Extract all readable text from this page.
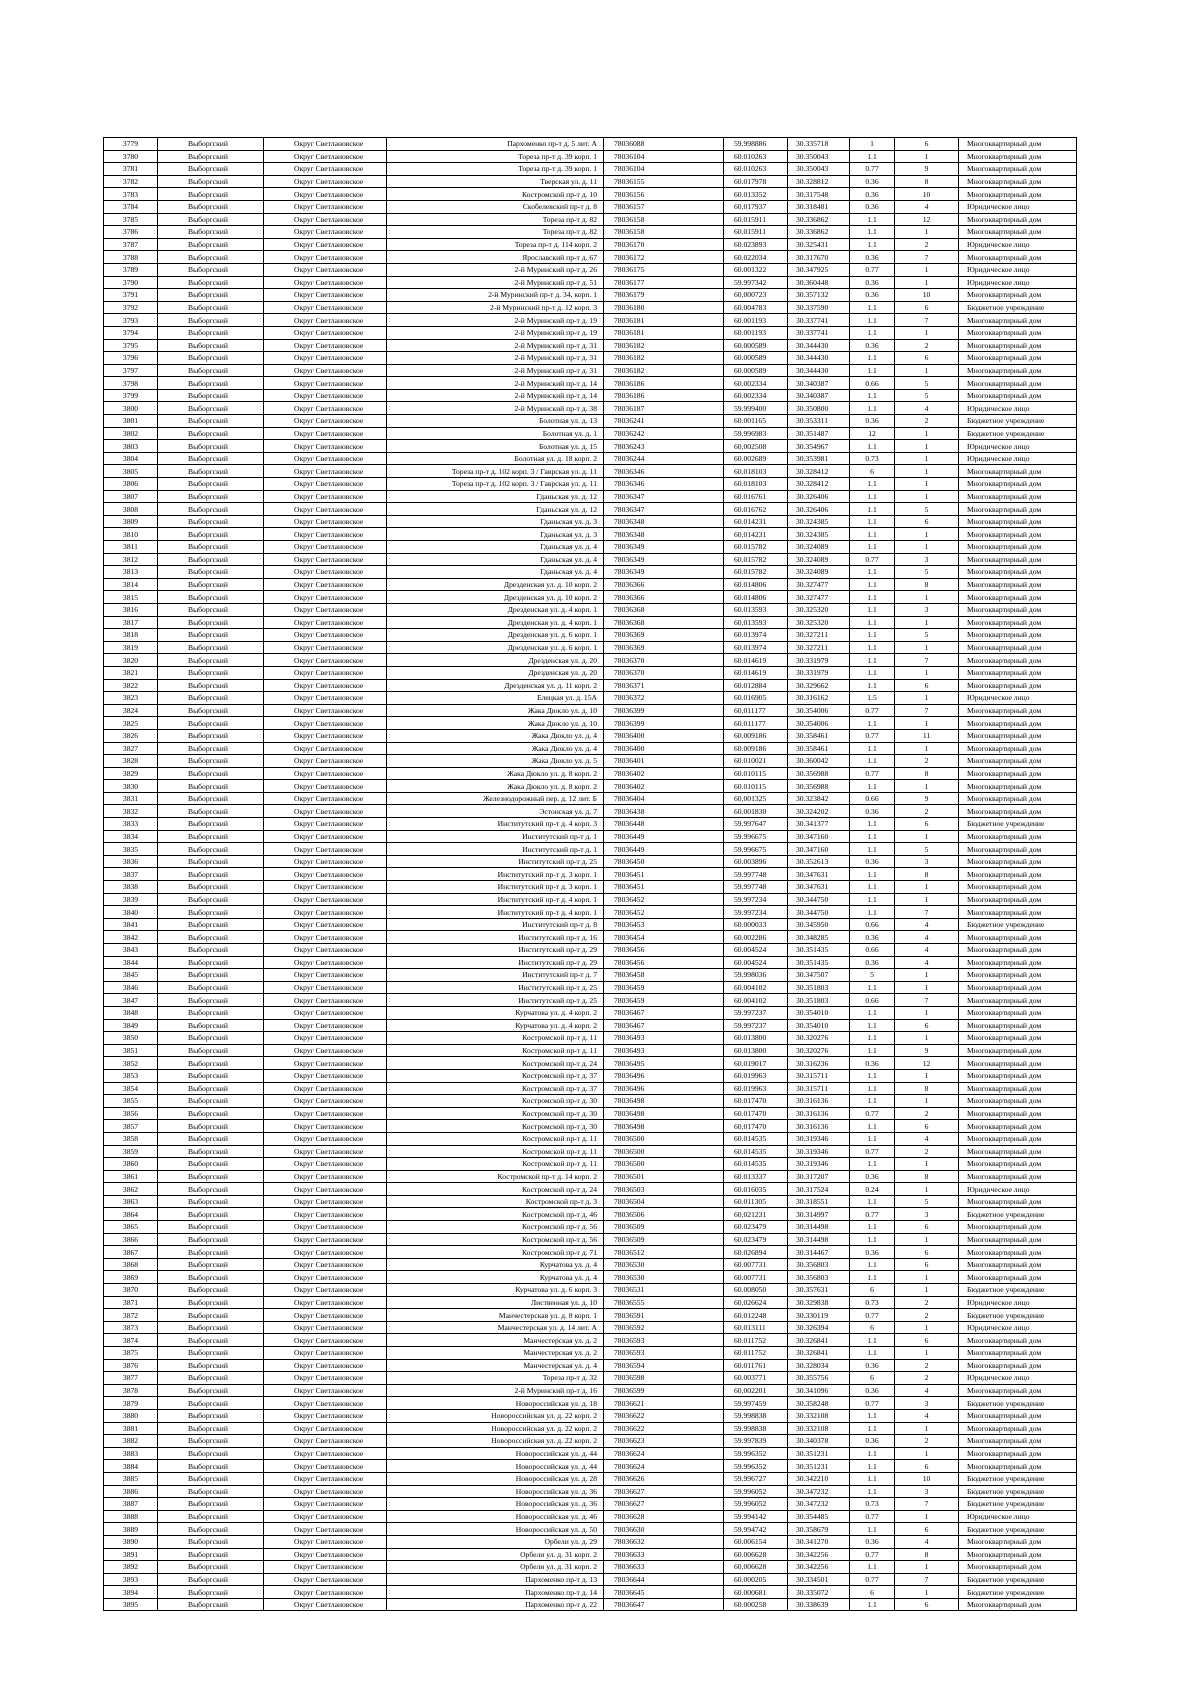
3779	Выборгский	Округ Светлановское	Пархоменко пр-т д. 5 лит. А	78036088	59.998886	30.335718	1	6	Многоквартирный дом
3780	Выборгский	Округ Светлановское	Тореза пр-т д. 39 корп. 1	78036104	60.010263	30.350043	1.1	1	Многоквартирный дом
3781	Выборгский	Округ Светлановское	Тореза пр-т д. 39 корп. 1	78036104	60.010263	30.350043	0.77	9	Многоквартирный дом
3782	Выборгский	Округ Светлановское	Тверская ул. д. 11	78036155	60.017978	30.328812	0.36	8	Многоквартирный дом
3783	Выборгский	Округ Светлановское	Костромской пр-т д. 10	78036156	60.013352	30.317548	0.36	10	Многоквартирный дом
3784	Выборгский	Округ Светлановское	Скобелевский пр-т д. 8	78036157	60.017937	30.318481	0.36	4	Юридическое лицо
3785	Выборгский	Округ Светлановское	Тореза пр-т д. 82	78036158	60.015911	30.336862	1.1	12	Многоквартирный дом
3786	Выборгский	Округ Светлановское	Тореза пр-т д. 82	78036158	60.015911	30.336862	1.1	1	Многоквартирный дом
3787	Выборгский	Округ Светлановское	Тореза пр-т д. 114 корп. 2	78036170	60.023893	30.325431	1.1	2	Юридическое лицо
3788	Выборгский	Округ Светлановское	Ярославский пр-т д. 67	78036172	60.022034	30.317670	0.36	7	Многоквартирный дом
3789	Выборгский	Округ Светлановское	2-й Муринский пр-т д. 26	78036175	60.001322	30.347925	0.77	1	Юридическое лицо
3790	Выборгский	Округ Светлановское	2-й Муринский пр-т д. 51	78036177	59.997342	30.360448	0.36	1	Юридическое лицо
3791	Выборгский	Округ Светлановское	2-й Муринский пр-т д. 34, корп. 1	78036179	60.000723	30.357132	0.36	10	Многоквартирный дом
3792	Выборгский	Округ Светлановское	2-й Муринский пр-т д. 12 корп. 3	78036180	60.004783	30.337590	1.1	6	Бюджетное учреждение
3793	Выборгский	Округ Светлановское	2-й Муринский пр-т д. 19	78036181	60.001193	30.337741	1.1	7	Многоквартирный дом
3794	Выборгский	Округ Светлановское	2-й Муринский пр-т д. 19	78036181	60.001193	30.337741	1.1	1	Многоквартирный дом
3795	Выборгский	Округ Светлановское	2-й Муринский пр-т д. 31	78036182	60.000589	30.344430	0.36	2	Многоквартирный дом
3796	Выборгский	Округ Светлановское	2-й Муринский пр-т д. 31	78036182	60.000589	30.344430	1.1	6	Многоквартирный дом
3797	Выборгский	Округ Светлановское	2-й Муринский пр-т д. 31	78036182	60.000589	30.344430	1.1	1	Многоквартирный дом
3798	Выборгский	Округ Светлановское	2-й Муринский пр-т д. 14	78036186	60.002334	30.340387	0.66	5	Многоквартирный дом
3799	Выборгский	Округ Светлановское	2-й Муринский пр-т д. 14	78036186	60.002334	30.340387	1.1	5	Многоквартирный дом
3800	Выборгский	Округ Светлановское	2-й Муринский пр-т д. 38	78036187	59.999400	30.350800	1.1	4	Юридическое лицо
3801	Выборгский	Округ Светлановское	Болотная ул. д. 13	78036241	60.001165	30.353311	0.36	2	Бюджетное учреждение
3802	Выборгский	Округ Светлановское	Болотная ул. д. 1	78036242	59.996983	30.351487	12	1	Бюджетное учреждение
3803	Выборгский	Округ Светлановское	Болотная ул. д. 15	78036243	60.002508	30.354967	1.1	1	Юридическое лицо
3804	Выборгский	Округ Светлановское	Болотная ул. д. 18 корп. 2	78036244	60.002689	30.353981	0.73	1	Юридическое лицо
3805	Выборгский	Округ Светлановское	Тореза пр-т д. 102 корп. 3 / Гаврская ул. д. 11	78036346	60.018103	30.328412	6	1	Многоквартирный дом
3806	Выборгский	Округ Светлановское	Тореза пр-т д. 102 корп. 3 / Гаврская ул. д. 11	78036346	60.018103	30.328412	1.1	1	Многоквартирный дом
3807	Выборгский	Округ Светлановское	Гданьская ул. д. 12	78036347	60.016761	30.326406	1.1	1	Многоквартирный дом
3808	Выборгский	Округ Светлановское	Гданьская ул. д. 12	78036347	60.016762	30.326406	1.1	5	Многоквартирный дом
3809	Выборгский	Округ Светлановское	Гданьская ул. д. 3	78036348	60.014231	30.324385	1.1	6	Многоквартирный дом
3810	Выборгский	Округ Светлановское	Гданьская ул. д. 3	78036348	60.014231	30.324385	1.1	1	Многоквартирный дом
3811	Выборгский	Округ Светлановское	Гданьская ул. д. 4	78036349	60.015782	30.324089	1.1	1	Многоквартирный дом
3812	Выборгский	Округ Светлановское	Гданьская ул. д. 4	78036349	60.015782	30.324089	0.77	3	Многоквартирный дом
3813	Выборгский	Округ Светлановское	Гданьская ул. д. 4	78036349	60.015782	30.324089	1.1	5	Многоквартирный дом
3814	Выборгский	Округ Светлановское	Дрезденская ул. д. 10 корп. 2	78036366	60.014806	30.327477	1.1	8	Многоквартирный дом
3815	Выборгский	Округ Светлановское	Дрезденская ул. д. 10 корп. 2	78036366	60.014806	30.327477	1.1	1	Многоквартирный дом
3816	Выборгский	Округ Светлановское	Дрезденская ул. д. 4 корп. 1	78036368	60.013593	30.325320	1.1	3	Многоквартирный дом
3817	Выборгский	Округ Светлановское	Дрезденская ул. д. 4 корп. 1	78036368	60.013593	30.325320	1.1	1	Многоквартирный дом
3818	Выборгский	Округ Светлановское	Дрезденская ул. д. 6 корп. 1	78036369	60.013974	30.327211	1.1	5	Многоквартирный дом
3819	Выборгский	Округ Светлановское	Дрезденская ул. д. 6 корп. 1	78036369	60.013974	30.327211	1.1	1	Многоквартирный дом
3820	Выборгский	Округ Светлановское	Дрезденская ул. д. 20	78036370	60.014619	30.331979	1.1	7	Многоквартирный дом
3821	Выборгский	Округ Светлановское	Дрезденская ул. д. 20	78036370	60.014619	30.331979	1.1	1	Многоквартирный дом
3822	Выборгский	Округ Светлановское	Дрезденская ул. д. 11 корп. 2	78036371	60.012884	30.329662	1.1	6	Многоквартирный дом
3823	Выборгский	Округ Светлановское	Елецкая ул. д. 15А	78036372	60.016905	30.316162	1.5	1	Юридическое лицо
3824	Выборгский	Округ Светлановское	Жака Дюкло ул. д. 10	78036399	60.011177	30.354006	0.77	7	Многоквартирный дом
3825	Выборгский	Округ Светлановское	Жака Дюкло ул. д. 10	78036399	60.011177	30.354006	1.1	1	Многоквартирный дом
3826	Выборгский	Округ Светлановское	Жака Дюкло ул. д. 4	78036400	60.009186	30.358461	0.77	11	Многоквартирный дом
3827	Выборгский	Округ Светлановское	Жака Дюкло ул. д. 4	78036400	60.009186	30.358461	1.1	1	Многоквартирный дом
3828	Выборгский	Округ Светлановское	Жака Дюкло ул. д. 5	78036401	60.010021	30.360042	1.1	2	Многоквартирный дом
3829	Выборгский	Округ Светлановское	Жака Дюкло ул. д. 8 корп. 2	78036402	60.010115	30.356988	0.77	8	Многоквартирный дом
3830	Выборгский	Округ Светлановское	Жака Дюкло ул. д. 8 корп. 2	78036402	60.010115	30.356988	1.1	1	Многоквартирный дом
3831	Выборгский	Округ Светлановское	Железнодорожный пер. д. 12 лит. Б	78036404	60.001325	30.323842	0.66	9	Многоквартирный дом
3832	Выборгский	Округ Светлановское	Эстонская ул. д. 7	78036438	60.001830	30.324202	0.36	2	Многоквартирный дом
3833	Выборгский	Округ Светлановское	Институтский пр-т д. 4 корп. 3	78036448	59.997647	30.341377	1.1	6	Бюджетное учреждение
3834	Выборгский	Округ Светлановское	Институтский пр-т д. 1	78036449	59.996675	30.347160	1.1	1	Многоквартирный дом
3835	Выборгский	Округ Светлановское	Институтский пр-т д. 1	78036449	59.996675	30.347160	1.1	5	Многоквартирный дом
3836	Выборгский	Округ Светлановское	Институтский пр-т д. 25	78036450	60.003896	30.352613	0.36	3	Многоквартирный дом
3837	Выборгский	Округ Светлановское	Институтский пр-т д. 3 корп. 1	78036451	59.997748	30.347631	1.1	8	Многоквартирный дом
3838	Выборгский	Округ Светлановское	Институтский пр-т д. 3 корп. 1	78036451	59.997748	30.347631	1.1	1	Многоквартирный дом
3839	Выборгский	Округ Светлановское	Институтский пр-т д. 4 корп. 1	78036452	59.997234	30.344750	1.1	1	Многоквартирный дом
3840	Выборгский	Округ Светлановское	Институтский пр-т д. 4 корп. 1	78036452	59.997234	30.344750	1.1	7	Многоквартирный дом
3841	Выборгский	Округ Светлановское	Институтский пр-т д. 8	78036453	60.000033	30.345950	0.66	4	Бюджетное учреждение
3842	Выборгский	Округ Светлановское	Институтский пр-т д. 16	78036454	60.002286	30.348285	0.36	4	Многоквартирный дом
3843	Выборгский	Округ Светлановское	Институтский пр-т д. 29	78036456	60.004524	30.351435	0.66	4	Многоквартирный дом
3844	Выборгский	Округ Светлановское	Институтский пр-т д. 29	78036456	60.004524	30.351435	0.36	4	Многоквартирный дом
3845	Выборгский	Округ Светлановское	Институтский пр-т д. 7	78036458	59.998036	30.347507	5	1	Многоквартирный дом
3846	Выборгский	Округ Светлановское	Институтский пр-т д. 25	78036459	60.004102	30.351803	1.1	1	Многоквартирный дом
3847	Выборгский	Округ Светлановское	Институтский пр-т д. 25	78036459	60.004102	30.351803	0.66	7	Многоквартирный дом
3848	Выборгский	Округ Светлановское	Курчатова ул. д. 4 корп. 2	78036467	59.997237	30.354010	1.1	1	Многоквартирный дом
3849	Выборгский	Округ Светлановское	Курчатова ул. д. 4 корп. 2	78036467	59.997237	30.354010	1.1	6	Многоквартирный дом
3850	Выборгский	Округ Светлановское	Костромской пр-т д. 11	78036493	60.013800	30.320276	1.1	1	Многоквартирный дом
3851	Выборгский	Округ Светлановское	Костромской пр-т д. 11	78036493	60.013800	30.320276	1.1	9	Многоквартирный дом
3852	Выборгский	Округ Светлановское	Костромской пр-т д. 24	78036495	60.019017	30.316236	0.36	12	Многоквартирный дом
3853	Выборгский	Округ Светлановское	Костромской пр-т д. 37	78036496	60.019963	30.315711	1.1	1	Многоквартирный дом
3854	Выборгский	Округ Светлановское	Костромской пр-т д. 37	78036496	60.019963	30.315711	1.1	8	Многоквартирный дом
3855	Выборгский	Округ Светлановское	Костромской пр-т д. 30	78036498	60.017470	30.316136	1.1	1	Многоквартирный дом
3856	Выборгский	Округ Светлановское	Костромской пр-т д. 30	78036498	60.017470	30.316136	0.77	2	Многоквартирный дом
3857	Выборгский	Округ Светлановское	Костромской пр-т д. 30	78036498	60.017470	30.316136	1.1	6	Многоквартирный дом
3858	Выборгский	Округ Светлановское	Костромской пр-т д. 11	78036500	60.014535	30.319346	1.1	4	Многоквартирный дом
3859	Выборгский	Округ Светлановское	Костромской пр-т д. 11	78036500	60.014535	30.319346	0.77	2	Многоквартирный дом
3860	Выборгский	Округ Светлановское	Костромской пр-т д. 11	78036500	60.014535	30.319346	1.1	1	Многоквартирный дом
3861	Выборгский	Округ Светлановское	Костромской пр-т д. 14 корп. 2	78036501	60.013337	30.317207	0.36	8	Многоквартирный дом
3862	Выборгский	Округ Светлановское	Костромской пр-т д. 24	78036503	60.016035	30.317524	0.24	1	Юридическое лицо
3863	Выборгский	Округ Светлановское	Костромской пр-т д. 3	78036504	60.011305	30.318551	1.1	5	Многоквартирный дом
3864	Выборгский	Округ Светлановское	Костромской пр-т д. 46	78036506	60.021231	30.314997	0.77	3	Бюджетное учреждение
3865	Выборгский	Округ Светлановское	Костромской пр-т д. 56	78036509	60.023479	30.314498	1.1	6	Многоквартирный дом
3866	Выборгский	Округ Светлановское	Костромской пр-т д. 56	78036509	60.023479	30.314498	1.1	1	Многоквартирный дом
3867	Выборгский	Округ Светлановское	Костромской пр-т д. 71	78036512	60.026894	30.314467	0.36	6	Многоквартирный дом
3868	Выборгский	Округ Светлановское	Курчатова ул. д. 4	78036530	60.007731	30.356803	1.1	6	Многоквартирный дом
3869	Выборгский	Округ Светлановское	Курчатова ул. д. 4	78036530	60.007731	30.356803	1.1	1	Многоквартирный дом
3870	Выборгский	Округ Светлановское	Курчатова ул. д. 6 корп. 3	78036531	60.008050	30.357631	6	1	Бюджетное учреждение
3871	Выборгский	Округ Светлановское	Лиственная ул. д. 10	78036555	60.026624	30.329838	0.73	2	Юридическое лицо
3872	Выборгский	Округ Светлановское	Манчестерская ул. д. 8 корп. 1	78036591	60.012248	30.330119	0.77	2	Бюджетное учреждение
3873	Выборгский	Округ Светлановское	Манчестерская ул. д. 14 лит. А	78036592	60.013111	30.326394	6	1	Юридическое лицо
3874	Выборгский	Округ Светлановское	Манчестерская ул. д. 2	78036593	60.011752	30.326841	1.1	6	Многоквартирный дом
3875	Выборгский	Округ Светлановское	Манчестерская ул. д. 2	78036593	60.011752	30.326841	1.1	1	Многоквартирный дом
3876	Выборгский	Округ Светлановское	Манчестерская ул. д. 4	78036594	60.011761	30.328034	0.36	2	Многоквартирный дом
3877	Выборгский	Округ Светлановское	Тореза пр-т д. 32	78036598	60.003771	30.355756	6	2	Юридическое лицо
3878	Выборгский	Округ Светлановское	2-й Муринский пр-т д. 16	78036599	60.002201	30.341096	0.36	4	Многоквартирный дом
3879	Выборгский	Округ Светлановское	Новороссийская ул. д. 18	78036621	59.997459	30.358248	0.77	3	Бюджетное учреждение
3880	Выборгский	Округ Светлановское	Новороссийская ул. д. 22 корп. 2	78036622	59.998838	30.332108	1.1	4	Многоквартирный дом
3881	Выборгский	Округ Светлановское	Новороссийская ул. д. 22 корп. 2	78036622	59.998838	30.332108	1.1	1	Многоквартирный дом
3882	Выборгский	Округ Светлановское	Новороссийская ул. д. 22 корп. 2	78036623	59.997839	30.340378	0.36	2	Многоквартирный дом
3883	Выборгский	Округ Светлановское	Новороссийская ул. д. 44	78036624	59.996352	30.351231	1.1	1	Многоквартирный дом
3884	Выборгский	Округ Светлановское	Новороссийская ул. д. 44	78036624	59.996352	30.351231	1.1	6	Многоквартирный дом
3885	Выборгский	Округ Светлановское	Новороссийская ул. д. 28	78036626	59.996727	30.342210	1.1	10	Бюджетное учреждение
3886	Выборгский	Округ Светлановское	Новороссийская ул. д. 36	78036627	59.996052	30.347232	1.1	3	Бюджетное учреждение
3887	Выборгский	Округ Светлановское	Новороссийская ул. д. 36	78036627	59.996052	30.347232	0.73	7	Бюджетное учреждение
3888	Выборгский	Округ Светлановское	Новороссийская ул. д. 46	78036628	59.994142	30.354485	0.77	1	Юридическое лицо
3889	Выборгский	Округ Светлановское	Новороссийская ул. д. 50	78036630	59.994742	30.358679	1.1	6	Бюджетное учреждение
3890	Выборгский	Округ Светлановское	Орбели ул. д. 29	78036632	60.006154	30.341270	0.36	4	Многоквартирный дом
3891	Выборгский	Округ Светлановское	Орбели ул. д. 31 корп. 2	78036633	60.006628	30.342256	0.77	8	Многоквартирный дом
3892	Выборгский	Округ Светлановское	Орбели ул. д. 31 корп. 2	78036633	60.006628	30.342256	1.1	1	Многоквартирный дом
3893	Выборгский	Округ Светлановское	Пархоменко пр-т д. 13	78036644	60.000205	30.334501	0.77	7	Бюджетное учреждение
3894	Выборгский	Округ Светлановское	Пархоменко пр-т д. 14	78036645	60.000681	30.335072	6	1	Бюджетное учреждение
3895	Выборгский	Округ Светлановское	Пархоменко пр-т д. 22	78036647	60.000258	30.338639	1.1	6	Многоквартирный дом
